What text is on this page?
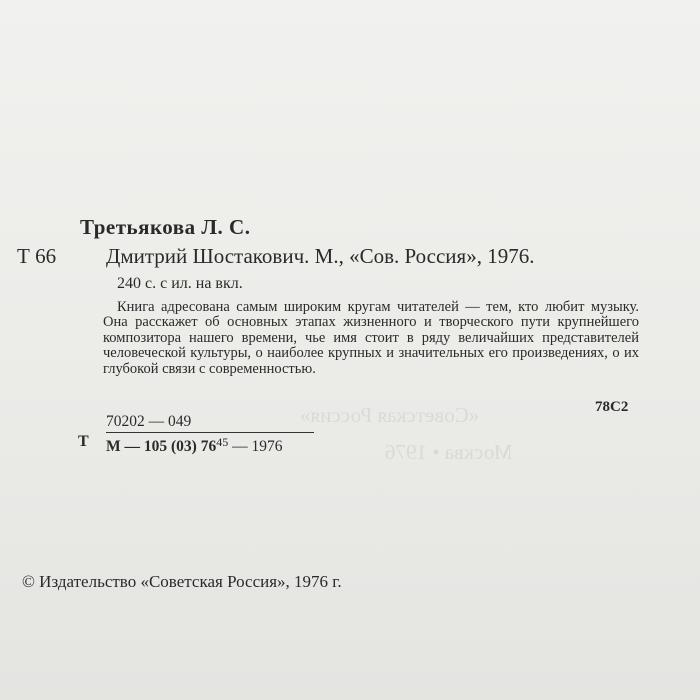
«Советская Россия»
Москва • 1976
Третьякова Л. С.
Т 66 Дмитрий Шостакович. М., «Сов. Россия», 1976.
240 с. с ил. на вкл.

Книга адресована самым широким кругам читателей — тем, кто любит музыку. Она расскажет об основных этапах жизненного и творческого пути крупнейшего композитора нашего времени, чье имя стоит в ряду величайших представителей человеческой культуры, о наиболее крупных и значительных его произведениях, о их глубокой связи с современностью.

78С2
Т
70202 — 049
М — 105 (03) $76^{45}$ — 1976
© Издательство «Советская Россия», 1976 г.
